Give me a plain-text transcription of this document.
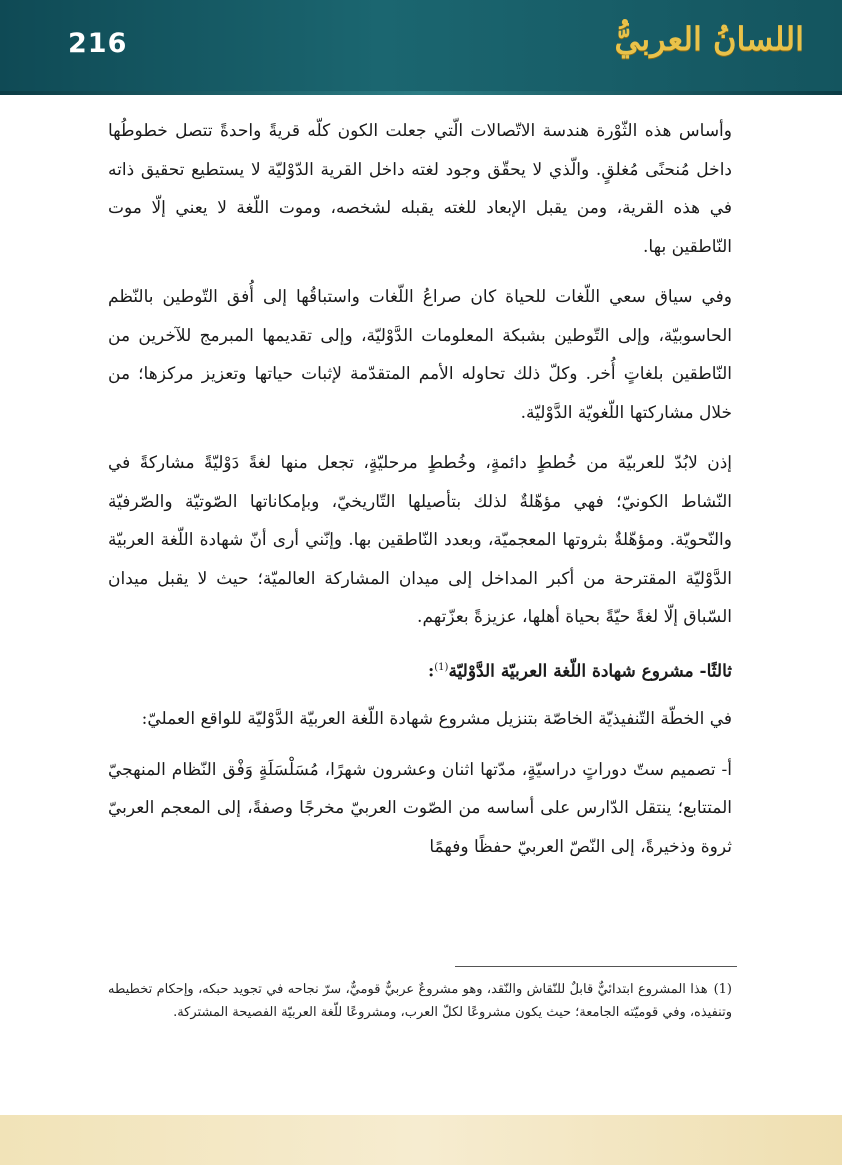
216	اللسانُ العربيُّ

وأساس هذه الثّوْرة هندسة الاتّصالات الّتي جعلت الكون كلّه قريةً واحدةً تتصل خطوطُها داخل مُنحنًى مُغلقٍ. والّذي لا يحقّق وجود لغته داخل القرية الدّوْليّة لا يستطيع تحقيق ذاته في هذه القرية، ومن يقبل الإبعاد للغته يقبله لشخصه، وموت اللّغة لا يعني إلّا موت النّاطقين بها.

وفي سياق سعي اللّغات للحياة كان صراعُ اللّغات واستباقُها إلى أُفق التّوطين بالنّظم الحاسوبيّة، وإلى التّوطين بشبكة المعلومات الدَّوْليّة، وإلى تقديمها المبرمج للآخرين من النّاطقين بلغاتٍ أُخر. وكلّ ذلك تحاوله الأمم المتقدّمة لإثبات حياتها وتعزيز مركزها؛ من خلال مشاركتها اللّغويّة الدَّوْليّة.

إذن لابُدّ للعربيّة من خُططٍ دائمةٍ، وخُططٍ مرحليّةٍ، تجعل منها لغةً دَوْليّةً مشاركةً في النّشاط الكونيّ؛ فهي مؤهّلةٌ لذلك بتأصيلها التّاريخيّ، وبإمكاناتها الصّوتيّة والصّرفيّة والنّحويّة. ومؤهّلةٌ بثروتها المعجميّة، وبعدد النّاطقين بها. وإنّني أرى أنّ شهادة اللّغة العربيّة الدَّوْليّة المقترحة من أكبر المداخل إلى ميدان المشاركة العالميّة؛ حيث لا يقبل ميدان السّباق إلّا لغةً حيّةً بحياة أهلها، عزيزةً بعزّتهم.

ثالثًا- مشروع شهادة اللّغة العربيّة الدَّوْليّة$^{(1)}$:

في الخطّة التّنفيذيّة الخاصّة بتنزيل مشروع شهادة اللّغة العربيّة الدَّوْليّة للواقع العمليّ:

أ- تصميم ستّ دوراتٍ دراسيّةٍ، مدّتها اثنان وعشرون شهرًا، مُسَلْسَلَةٍ وَفْق النّظام المنهجيّ المتتابع؛ ينتقل الدّارس على أساسه من الصّوت العربيّ مخرجًا وصفةً، إلى المعجم العربيّ ثروة وذخيرةً، إلى النّصّ العربيّ حفظًا وفهمًا

(1)هذا المشروع ابتدائيٌّ قابلٌ للنّقاش والنّقد، وهو مشروعٌ عربيٌّ قوميٌّ، سرّ نجاحه في تجويد حبكه، وإحكام تخطيطه وتنفيذه، وفي قوميّته الجامعة؛ حيث يكون مشروعًا لكلّ العرب، ومشروعًا للّغة العربيّة الفصيحة المشتركة.
